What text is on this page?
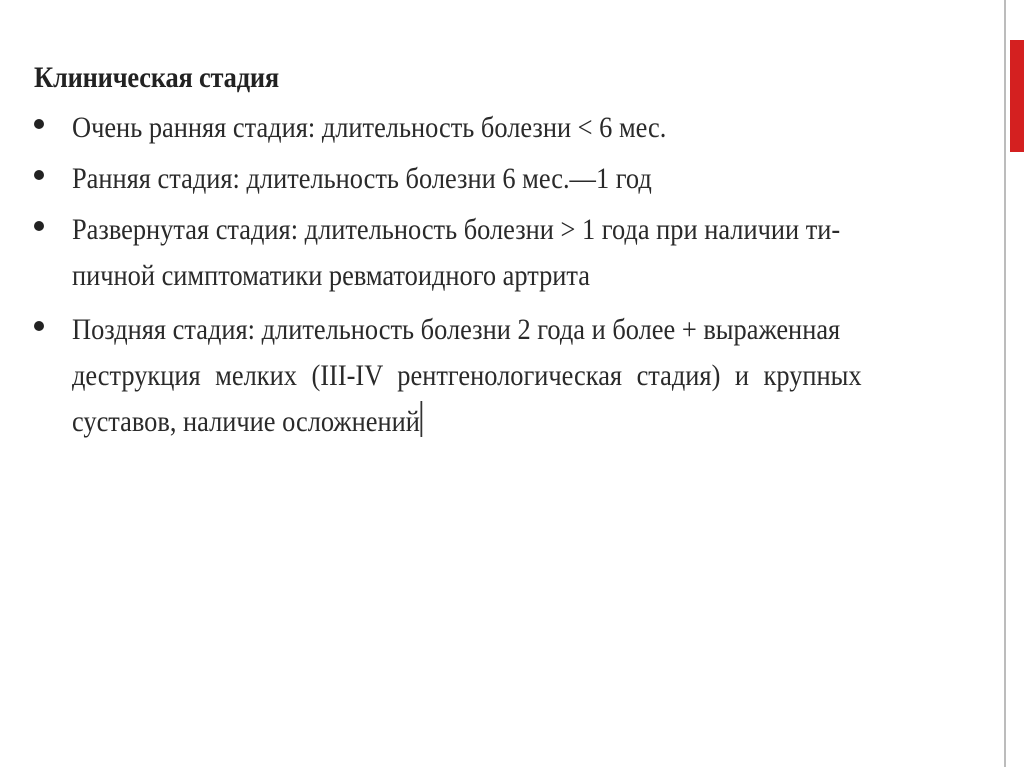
Клиническая стадия
Очень ранняя стадия: длительность болезни < 6 мес.
Ранняя стадия: длительность болезни 6 мес.—1 год
Развернутая стадия: длительность болезни > 1 года при наличии ти-
пичной симптоматики ревматоидного артрита
Поздняя стадия: длительность болезни 2 года и более + выраженная
деструкция мелких (III-IV рентгенологическая стадия) и крупных
суставов, наличие осложнений
